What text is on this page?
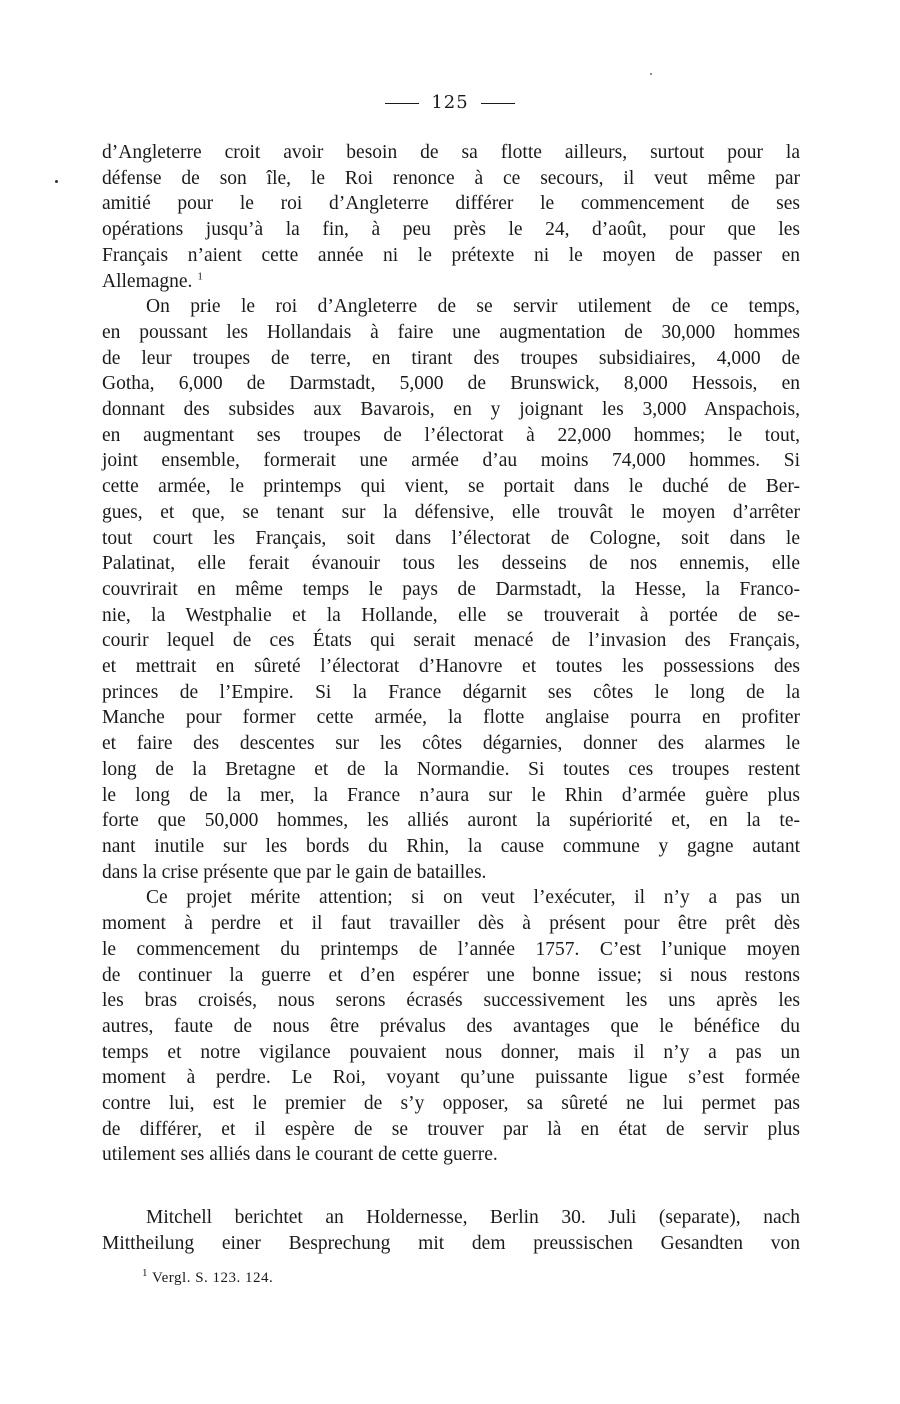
125
d’Angleterre croit avoir besoin de sa flotte ailleurs, surtout pour la
défense de son île, le Roi renonce à ce secours, il veut même par
amitié pour le roi d’Angleterre différer le commencement de ses
opérations jusqu’à la fin, à peu près le 24, d’août, pour que les
Français n’aient cette année ni le prétexte ni le moyen de passer en
Allemagne. $^1$
On prie le roi d’Angleterre de se servir utilement de ce temps,
en poussant les Hollandais à faire une augmentation de 30,000 hommes
de leur troupes de terre, en tirant des troupes subsidiaires, 4,000 de
Gotha, 6,000 de Darmstadt, 5,000 de Brunswick, 8,000 Hessois, en
donnant des subsides aux Bavarois, en y joignant les 3,000 Anspachois,
en augmentant ses troupes de l’électorat à 22,000 hommes; le tout,
joint ensemble, formerait une armée d’au moins 74,000 hommes. Si
cette armée, le printemps qui vient, se portait dans le duché de Ber-
gues, et que, se tenant sur la défensive, elle trouvât le moyen d’arrêter
tout court les Français, soit dans l’électorat de Cologne, soit dans le
Palatinat, elle ferait évanouir tous les desseins de nos ennemis, elle
couvrirait en même temps le pays de Darmstadt, la Hesse, la Franco-
nie, la Westphalie et la Hollande, elle se trouverait à portée de se-
courir lequel de ces États qui serait menacé de l’invasion des Français,
et mettrait en sûreté l’électorat d’Hanovre et toutes les possessions des
princes de l’Empire. Si la France dégarnit ses côtes le long de la
Manche pour former cette armée, la flotte anglaise pourra en profiter
et faire des descentes sur les côtes dégarnies, donner des alarmes le
long de la Bretagne et de la Normandie. Si toutes ces troupes restent
le long de la mer, la France n’aura sur le Rhin d’armée guère plus
forte que 50,000 hommes, les alliés auront la supériorité et, en la te-
nant inutile sur les bords du Rhin, la cause commune y gagne autant
dans la crise présente que par le gain de batailles.
Ce projet mérite attention; si on veut l’exécuter, il n’y a pas un
moment à perdre et il faut travailler dès à présent pour être prêt dès
le commencement du printemps de l’année 1757. C’est l’unique moyen
de continuer la guerre et d’en espérer une bonne issue; si nous restons
les bras croisés, nous serons écrasés successivement les uns après les
autres, faute de nous être prévalus des avantages que le bénéfice du
temps et notre vigilance pouvaient nous donner, mais il n’y a pas un
moment à perdre. Le Roi, voyant qu’une puissante ligue s’est formée
contre lui, est le premier de s’y opposer, sa sûreté ne lui permet pas
de différer, et il espère de se trouver par là en état de servir plus
utilement ses alliés dans le courant de cette guerre.
Mitchell berichtet an Holdernesse, Berlin 30. Juli (separate), nach
Mittheilung einer Besprechung mit dem preussischen Gesandten von
$^1$ Vergl. S. 123. 124.
